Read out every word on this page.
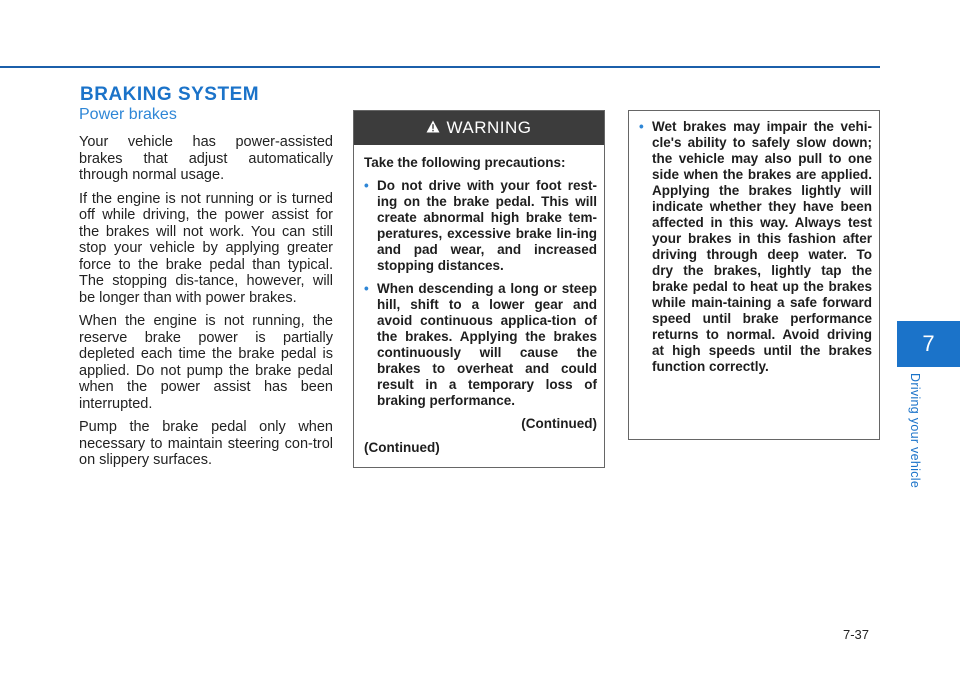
BRAKING SYSTEM
Power brakes

Your vehicle has power-assisted brakes that adjust automatically through normal usage.

If the engine is not running or is turned off while driving, the power assist for the brakes will not work. You can still stop your vehicle by applying greater force to the brake pedal than typical. The stopping dis-tance, however, will be longer than with power brakes.

When the engine is not running, the reserve brake power is partially depleted each time the brake pedal is applied. Do not pump the brake pedal when the power assist has been interrupted.

Pump the brake pedal only when necessary to maintain steering con-trol on slippery surfaces.

WARNING

Take the following precautions:

• Do not drive with your foot rest-ing on the brake pedal. This will create abnormal high brake tem-peratures, excessive brake lin-ing and pad wear, and increased stopping distances.

• When descending a long or steep hill, shift to a lower gear and avoid continuous applica-tion of the brakes. Applying the brakes continuously will cause the brakes to overheat and could result in a temporary loss of braking performance.

(Continued)

(Continued)

• Wet brakes may impair the vehi-cle's ability to safely slow down; the vehicle may also pull to one side when the brakes are applied. Applying the brakes lightly will indicate whether they have been affected in this way. Always test your brakes in this fashion after driving through deep water. To dry the brakes, lightly tap the brake pedal to heat up the brakes while main-taining a safe forward speed until brake performance returns to normal. Avoid driving at high speeds until the brakes function correctly.

7
Driving your vehicle
7-37
